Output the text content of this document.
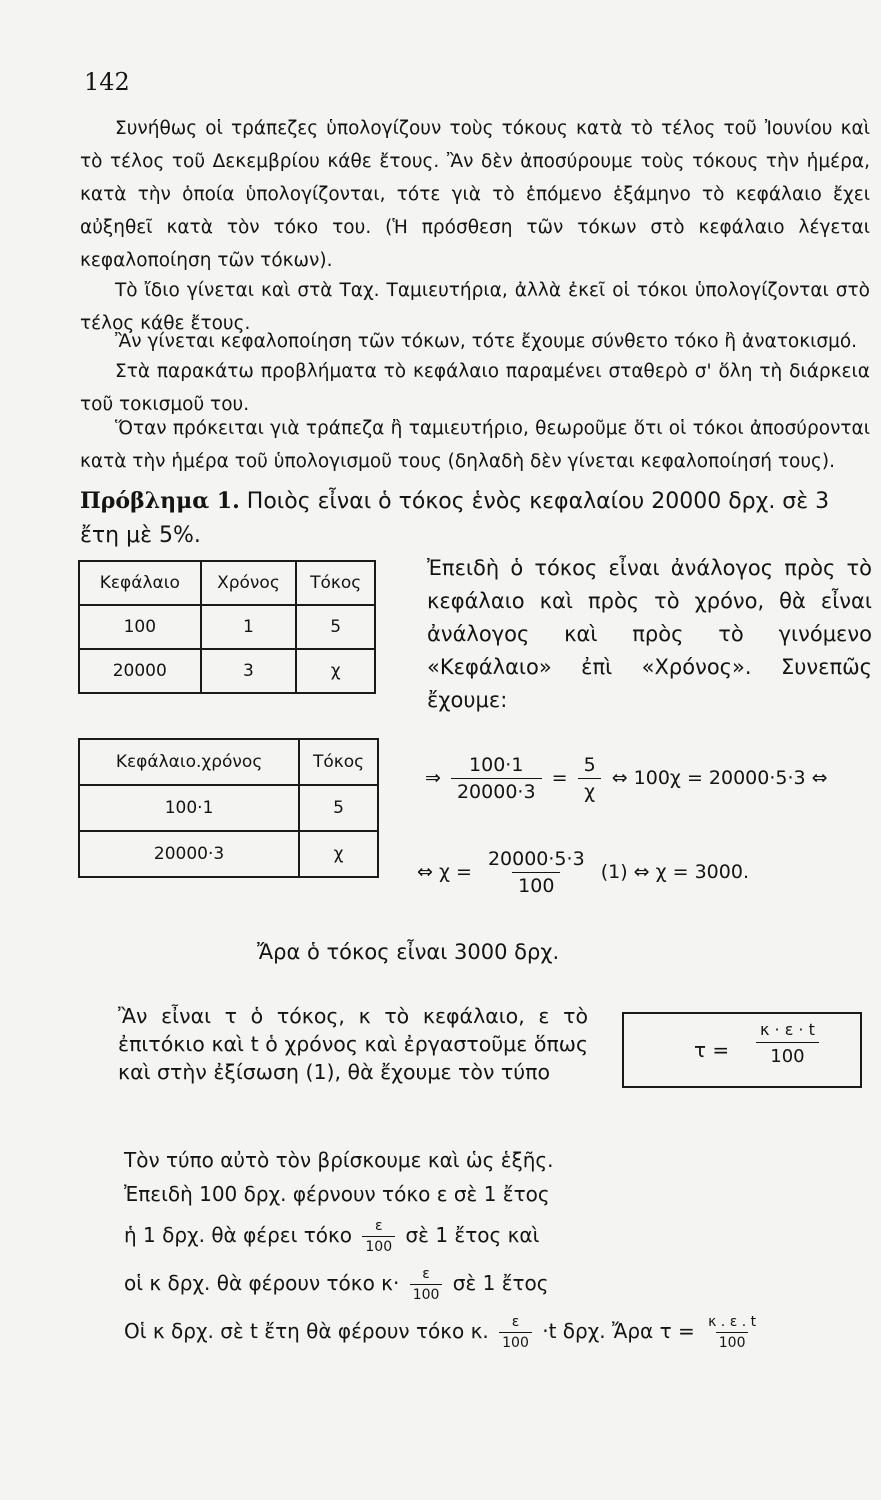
142

Συνήθως οἱ τράπεζες ὑπολογίζουν τοὺς τόκους κατὰ τὸ τέλος τοῦ Ἰουνίου καὶ τὸ τέλος τοῦ Δεκεμβρίου κάθε ἔτους. Ἂν δὲν ἀποσύρουμε τοὺς τόκους τὴν ἡμέρα, κατὰ τὴν ὁποία ὑπολογίζονται, τότε γιὰ τὸ ἑπόμενο ἑξάμηνο τὸ κεφάλαιο ἔχει αὐξηθεῖ κατὰ τὸν τόκο του. (Ἡ πρόσθεση τῶν τόκων στὸ κεφάλαιο λέγεται κεφαλοποίηση τῶν τόκων).

Τὸ ἴδιο γίνεται καὶ στὰ Ταχ. Ταμιευτήρια, ἀλλὰ ἐκεῖ οἱ τόκοι ὑπολογίζονται στὸ τέλος κάθε ἔτους.

Ἂν γίνεται κεφαλοποίηση τῶν τόκων, τότε ἔχουμε σύνθετο τόκο ἢ ἀνατοκισμό.

Στὰ παρακάτω προβλήματα τὸ κεφάλαιο παραμένει σταθερὸ σ' ὅλη τὴ διάρκεια τοῦ τοκισμοῦ του.

Ὅταν πρόκειται γιὰ τράπεζα ἢ ταμιευτήριο, θεωροῦμε ὅτι οἱ τόκοι ἀποσύρονται κατὰ τὴν ἡμέρα τοῦ ὑπολογισμοῦ τους (δηλαδὴ δὲν γίνεται κεφαλοποίησή τους).

Πρόβλημα 1. Ποιὸς εἶναι ὁ τόκος ἑνὸς κεφαλαίου 20000 δρχ. σὲ 3 ἔτη μὲ 5%.
Κεφάλαιο	Χρόνος	Τόκος
100	1	5
20000	3	χ
Ἐπειδὴ ὁ τόκος εἶναι ἀνάλογος πρὸς τὸ κεφάλαιο καὶ πρὸς τὸ χρόνο, θὰ εἶναι ἀνάλογος καὶ πρὸς τὸ γινόμενο «Κεφάλαιο» ἐπὶ «Χρόνος». Συνεπῶς ἔχουμε:
Κεφάλαιο.χρόνος	Τόκος
100·1	5
20000·3	χ
⇒ $\frac{100\cdot 1}{20000\cdot 3} = \frac{5}{\chi}$ ⇔ 100χ = 20000·5·3 ⇔
⇔ $\chi = \frac{20000\cdot 5\cdot 3}{100} (1)$ ⇔ χ = 3000.
Ἄρα ὁ τόκος εἶναι 3000 δρχ.
Ἂν εἶναι τ ὁ τόκος, κ τὸ κεφάλαιο, ε τὸ ἐπιτόκιο καὶ t ὁ χρόνος καὶ ἐργαστοῦμε ὅπως καὶ στὴν ἐξίσωση (1), θὰ ἔχουμε τὸν τύπο
τ =
κ · ε · t
100
Τὸν τύπο αὐτὸ τὸν βρίσκουμε καὶ ὡς ἑξῆς.
Ἐπειδὴ 100 δρχ. φέρνουν τόκο ε σὲ 1 ἔτος
ἡ 1 δρχ. θὰ φέρει τόκο $\frac{\varepsilon}{100}$ σὲ 1 ἔτος καὶ
οἱ κ δρχ. θὰ φέρουν τόκο $\kappa\cdot \frac{\varepsilon}{100}$ σὲ 1 ἔτος
Οἱ κ δρχ. σὲ t ἔτη θὰ φέρουν τόκο κ. $\frac{\varepsilon}{100} \cdot t$ δρχ. Ἄρα $\tau = \frac{\kappa . \varepsilon . t}{100}$
